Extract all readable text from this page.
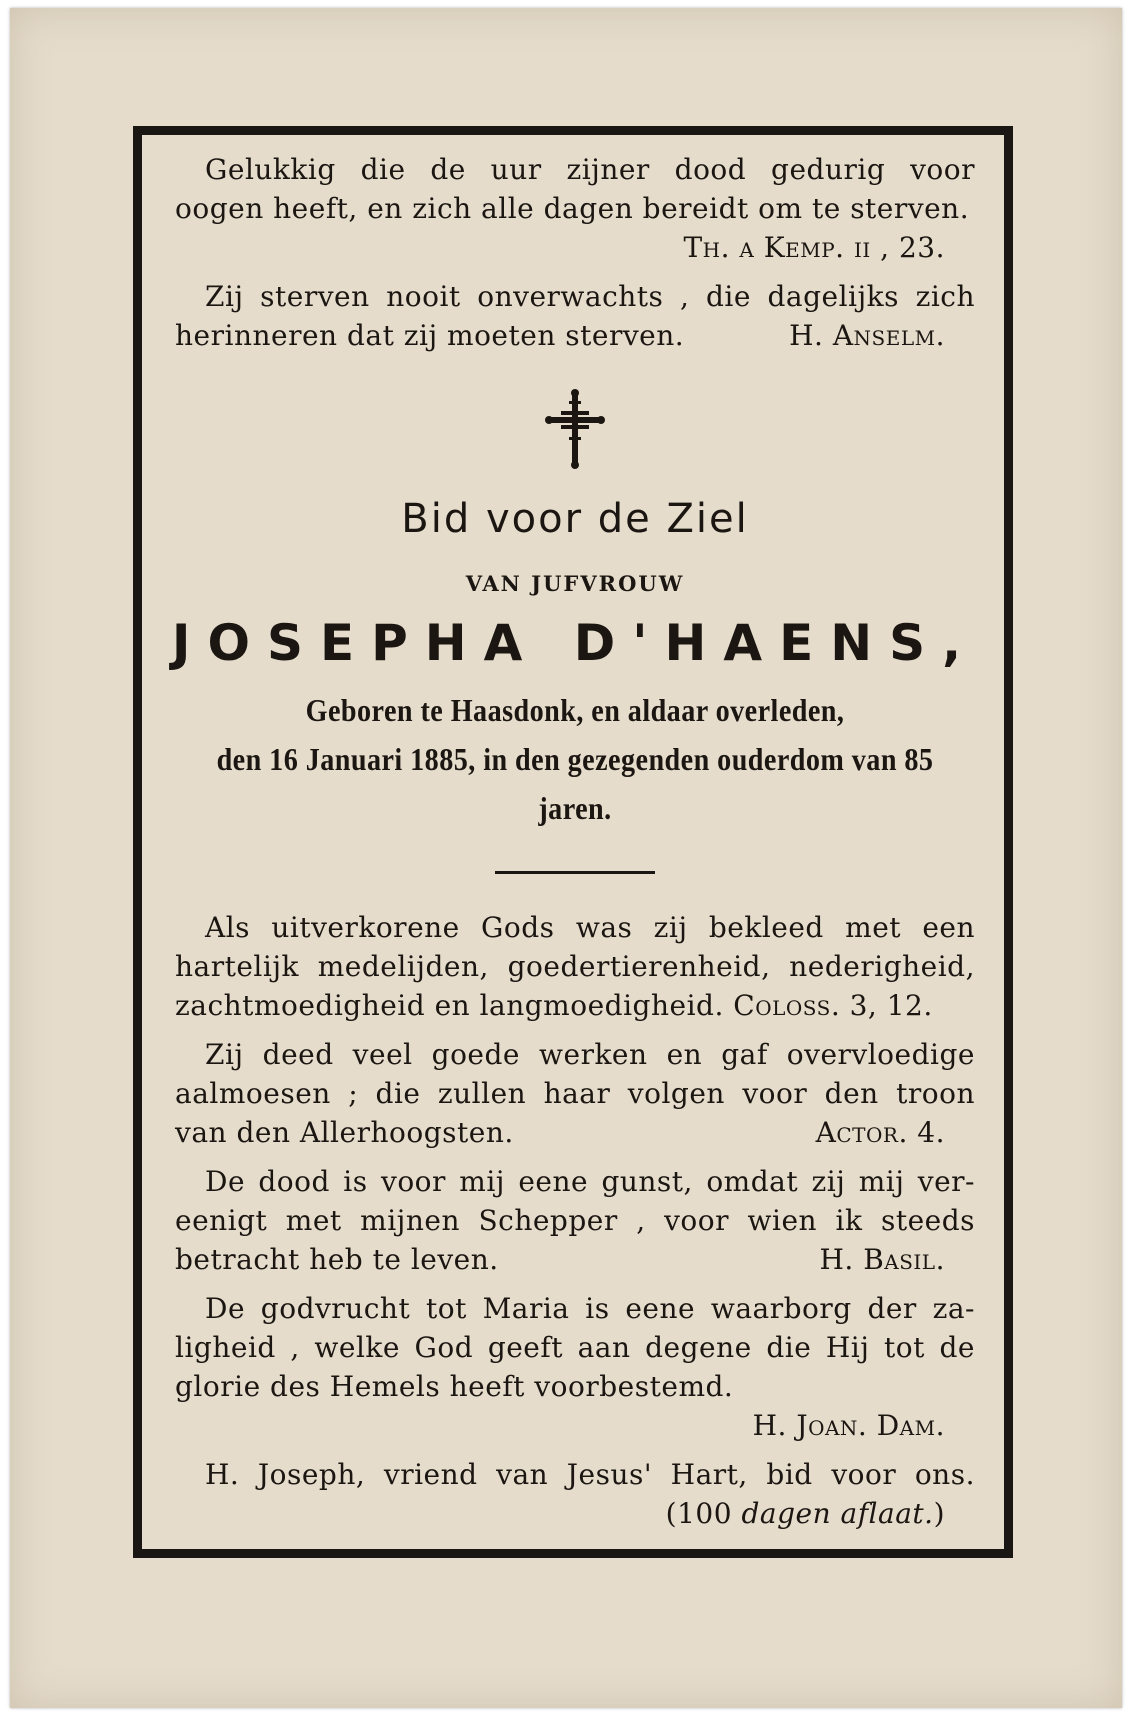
Gelukkig die de uur zijner dood gedurig voor

oogen heeft, en zich alle dagen bereidt om te sterven.

Th. a Kemp. ii , 23.

Zij sterven nooit onverwachts , die dagelijks zich

herinneren dat zij moeten sterven.	H. Anselm.

Bid voor de Ziel

VAN JUFVROUW

JOSEPHA D'HAENS,

Geboren te Haasdonk, en aldaar overleden,

den 16 Januari 1885, in den gezegenden ouderdom van 85 jaren.

Als uitverkorene Gods was zij bekleed met een

hartelijk medelijden, goedertierenheid, nederigheid,

zachtmoedigheid en langmoedigheid. Coloss. 3, 12.

Zij deed veel goede werken en gaf overvloedige

aalmoesen ; die zullen haar volgen voor den troon

van den Allerhoogsten.	Actor. 4.

De dood is voor mij eene gunst, omdat zij mij ver-

eenigt met mijnen Schepper , voor wien ik steeds

betracht heb te leven.	H. Basil.

De godvrucht tot Maria is eene waarborg der za-

ligheid , welke God geeft aan degene die Hij tot de

glorie des Hemels heeft voorbestemd.

H. Joan. Dam.

H. Joseph, vriend van Jesus' Hart, bid voor ons.

(100 dagen aflaat.)
